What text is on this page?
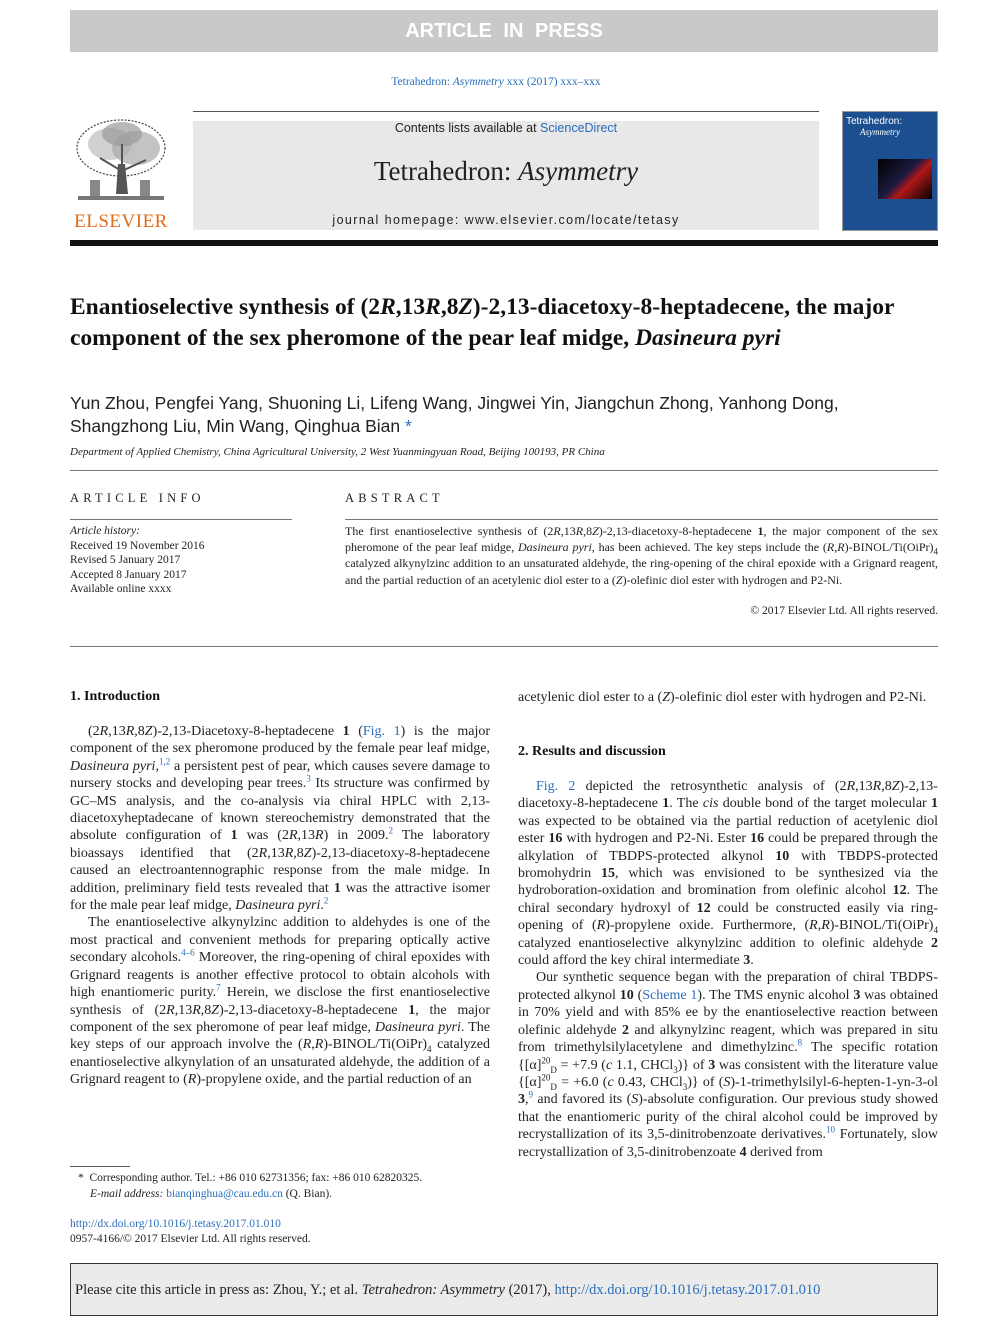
ARTICLE IN PRESS
Tetrahedron: Asymmetry xxx (2017) xxx–xxx
ELSEVIER
Contents lists available at ScienceDirect
Tetrahedron: Asymmetry
journal homepage: www.elsevier.com/locate/tetasy
Tetrahedron:
Asymmetry
Enantioselective synthesis of (2R,13R,8Z)-2,13-diacetoxy-8-heptadecene, the major component of the sex pheromone of the pear leaf midge, Dasineura pyri
Yun Zhou, Pengfei Yang, Shuoning Li, Lifeng Wang, Jingwei Yin, Jiangchun Zhong, Yanhong Dong, Shangzhong Liu, Min Wang, Qinghua Bian *
Department of Applied Chemistry, China Agricultural University, 2 West Yuanmingyuan Road, Beijing 100193, PR China
ARTICLE INFO
Article history:
Received 19 November 2016
Revised 5 January 2017
Accepted 8 January 2017
Available online xxxx
ABSTRACT
The first enantioselective synthesis of (2R,13R,8Z)-2,13-diacetoxy-8-heptadecene 1, the major component of the sex pheromone of the pear leaf midge, Dasineura pyri, has been achieved. The key steps include the $(R,R)-BINOL/Ti(OiPr)_4$ catalyzed alkynylzinc addition to an unsaturated aldehyde, the ring-opening of the chiral epoxide with a Grignard reagent, and the partial reduction of an acetylenic diol ester to a (Z)-olefinic diol ester with hydrogen and P2-Ni.
© 2017 Elsevier Ltd. All rights reserved.
1. Introduction

(2R,13R,8Z)-2,13-Diacetoxy-8-heptadecene 1 (Fig. 1) is the major component of the sex pheromone produced by the female pear leaf midge, Dasineura pyri,$^{1,2}$ a persistent pest of pear, which causes severe damage to nursery stocks and developing pear trees.$^3$ Its structure was confirmed by GC–MS analysis, and the co-analysis via chiral HPLC with 2,13-diacetoxyheptadecane of known stereochemistry demonstrated that the absolute configuration of 1 was (2R,13R) in 2009.$^2$ The laboratory bioassays identified that (2R,13R,8Z)-2,13-diacetoxy-8-heptadecene caused an electroantennographic response from the male midge. In addition, preliminary field tests revealed that 1 was the attractive isomer for the male pear leaf midge, Dasineura pyri.$^2$

The enantioselective alkynylzinc addition to aldehydes is one of the most practical and convenient methods for preparing optically active secondary alcohols.$^{4-6}$ Moreover, the ring-opening of chiral epoxides with Grignard reagents is another effective protocol to obtain alcohols with high enantiomeric purity.$^7$ Herein, we disclose the first enantioselective synthesis of (2R,13R,8Z)-2,13-diacetoxy-8-heptadecene 1, the major component of the sex pheromone of pear leaf midge, Dasineura pyri. The key steps of our approach involve the $(R,R)-BINOL/Ti(OiPr)_4$ catalyzed enantioselective alkynylation of an unsaturated aldehyde, the addition of a Grignard reagent to (R)-propylene oxide, and the partial reduction of an

acetylenic diol ester to a (Z)-olefinic diol ester with hydrogen and P2-Ni.
2. Results and discussion

Fig. 2 depicted the retrosynthetic analysis of (2R,13R,8Z)-2,13-diacetoxy-8-heptadecene 1. The cis double bond of the target molecular 1 was expected to be obtained via the partial reduction of acetylenic diol ester 16 with hydrogen and P2-Ni. Ester 16 could be prepared through the alkylation of TBDPS-protected alkynol 10 with TBDPS-protected bromohydrin 15, which was envisioned to be synthesized via the hydroboration-oxidation and bromination from olefinic alcohol 12. The chiral secondary hydroxyl of 12 could be constructed easily via ring-opening of (R)-propylene oxide. Furthermore, $(R,R)-BINOL/Ti(OiPr)_4$ catalyzed enantioselective alkynylzinc addition to olefinic aldehyde 2 could afford the key chiral intermediate 3.

Our synthetic sequence began with the preparation of chiral TBDPS-protected alkynol 10 (Scheme 1). The TMS enynic alcohol 3 was obtained in 70% yield and with 85% ee by the enantioselective reaction between olefinic aldehyde 2 and alkynylzinc reagent, which was prepared in situ from trimethylsilylacetylene and dimethylzinc.$^8$ The specific rotation {$[\alpha]^{20}_D = +7.9$ (c 1.1, CHCl$_3$)} of 3 was consistent with the literature value {$[\alpha]^{20}_D = +6.0$ (c 0.43, CHCl$_3$)} of (S)-1-trimethylsilyl-6-hepten-1-yn-3-ol 3,$^9$ and favored its (S)-absolute configuration. Our previous study showed that the enantiomeric purity of the chiral alcohol could be improved by recrystallization of its 3,5-dinitrobenzoate derivatives.$^{10}$ Fortunately, slow recrystallization of 3,5-dinitrobenzoate 4 derived from

*  Corresponding author. Tel.: +86 010 62731356; fax: +86 010 62820325.
E-mail address: bianqinghua@cau.edu.cn (Q. Bian).
http://dx.doi.org/10.1016/j.tetasy.2017.01.010
0957-4166/© 2017 Elsevier Ltd. All rights reserved.
Please cite this article in press as: Zhou, Y.; et al. Tetrahedron: Asymmetry (2017), http://dx.doi.org/10.1016/j.tetasy.2017.01.010
